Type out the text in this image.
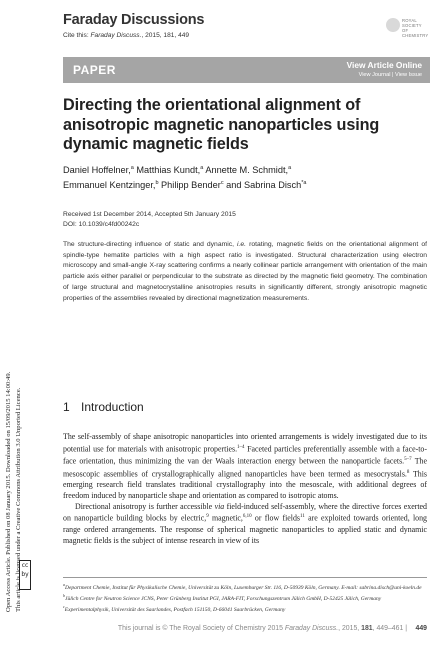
Open Access Article. Published on 08 January 2015. Downloaded on 15/09/2015 14:00:49. This article is licensed under a Creative Commons Attribution 3.0 Unported Licence. cc by
Faraday Discussions
Cite this: Faraday Discuss., 2015, 181, 449
ROYAL SOCIETY OF CHEMISTRY
PAPER	View Article Online
View Journal | View Issue
Directing the orientational alignment of anisotropic magnetic nanoparticles using dynamic magnetic fields
Daniel Hoffelner,$^a$ Matthias Kundt,$^a$ Annette M. Schmidt,$^a$
Emmanuel Kentzinger,$^b$ Philipp Bender$^c$ and Sabrina Disch$^{*a}$
Received 1st December 2014, Accepted 5th January 2015
DOI: 10.1039/c4fd00242c
The structure-directing influence of static and dynamic, i.e. rotating, magnetic fields on the orientational alignment of spindle-type hematite particles with a high aspect ratio is investigated. Structural characterization using electron microscopy and small-angle X-ray scattering confirms a nearly collinear particle arrangement with orientation of the main particle axis either parallel or perpendicular to the substrate as directed by the magnetic field geometry. The combination of large structural and magnetocrystalline anisotropies results in significantly different, strongly anisotropic magnetic properties of the assemblies revealed by directional magnetization measurements.
1 Introduction

The self-assembly of shape anisotropic nanoparticles into oriented arrangements is widely investigated due to its potential use for materials with anisotropic properties.$^{1-4}$ Faceted particles preferentially assemble with a face-to-face orientation, thus minimizing the van der Waals interaction energy between the nanoparticle facets.$^{5-7}$ The mesoscopic assemblies of crystallographically aligned nanoparticles have been termed as mesocrystals.$^8$ This emerging research field translates traditional crystallography into the mesoscale, with additional degrees of freedom induced by nanoparticle shape and orientation as compared to isotropic atoms.

Directional anisotropy is further accessible via field-induced self-assembly, where the directive forces exerted on nanoparticle building blocks by electric,$^9$ magnetic,$^{6,10}$ or flow fields$^{11}$ are exploited towards oriented, long range ordered arrangements. The response of spherical magnetic nanoparticles to applied static and dynamic magnetic fields is the subject of intense research in view of its

$^a$Department Chemie, Institut für Physikalische Chemie, Universität zu Köln, Luxemburger Str. 116, D-50939 Köln, Germany. E-mail: sabrina.disch@uni-koeln.de
$^b$Jülich Centre for Neutron Science JCNS, Peter Grünberg Institut PGI, JARA-FIT, Forschungszentrum Jülich GmbH, D-52425 Jülich, Germany
$^c$Experimentalphysik, Universität des Saarlandes, Postfach 151150, D-66041 Saarbrücken, Germany
This journal is © The Royal Society of Chemistry 2015 Faraday Discuss., 2015, 181, 449–461 | 449
